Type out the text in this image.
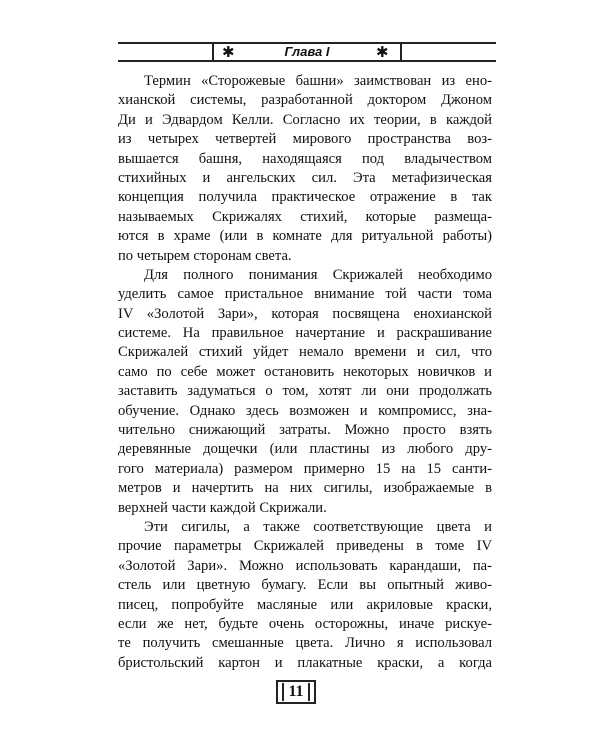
✱	✱
Глава I

Термин «Сторожевые башни» заимствован из ено-
хианской системы, разработанной доктором Джоном
Ди и Эдвардом Келли. Согласно их теории, в каждой
из четырех четвертей мирового пространства воз-
вышается башня, находящаяся под владычеством
стихийных и ангельских сил. Эта метафизическая
концепция получила практическое отражение в так
называемых Скрижалях стихий, которые размеща-
ются в храме (или в комнате для ритуальной работы)
по четырем сторонам света.

Для полного понимания Скрижалей необходимо
уделить самое пристальное внимание той части тома
IV «Золотой Зари», которая посвящена енохианской
системе. На правильное начертание и раскрашивание
Скрижалей стихий уйдет немало времени и сил, что
само по себе может остановить некоторых новичков и
заставить задуматься о том, хотят ли они продолжать
обучение. Однако здесь возможен и компромисс, зна-
чительно снижающий затраты. Можно просто взять
деревянные дощечки (или пластины из любого дру-
гого материала) размером примерно 15 на 15 санти-
метров и начертить на них сигилы, изображаемые в
верхней части каждой Скрижали.

Эти сигилы, а также соответствующие цвета и
прочие параметры Скрижалей приведены в томе IV
«Золотой Зари». Можно использовать карандаши, па-
стель или цветную бумагу. Если вы опытный живо-
писец, попробуйте масляные или акриловые краски,
если же нет, будьте очень осторожны, иначе рискуе-
те получить смешанные цвета. Лично я использовал
бристольский картон и плакатные краски, а когда

11
